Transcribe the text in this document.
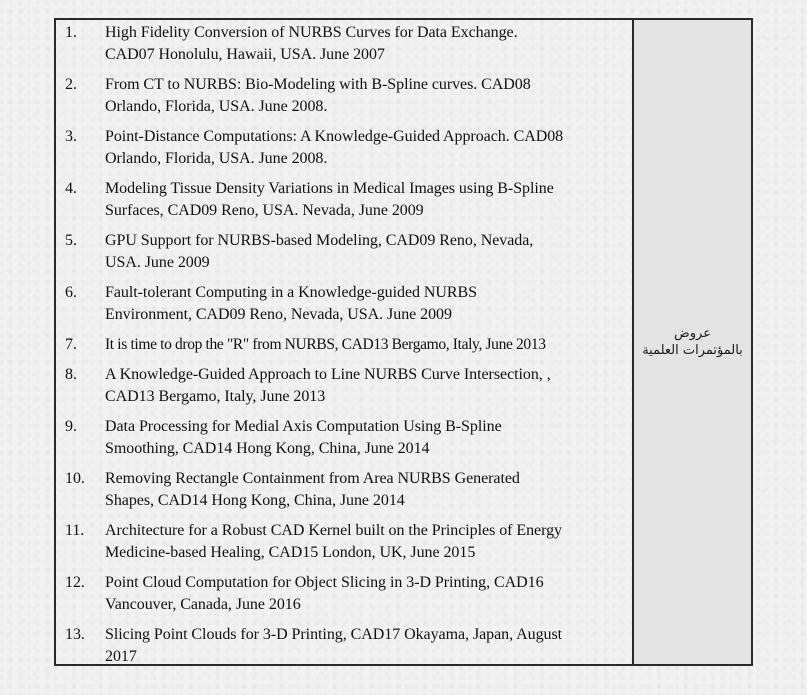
1.	High Fidelity Conversion of NURBS Curves for Data Exchange.
CAD07 Honolulu, Hawaii, USA. June 2007
2.	From CT to NURBS: Bio-Modeling with B-Spline curves. CAD08
Orlando, Florida, USA. June 2008.
3.	Point-Distance Computations: A Knowledge-Guided Approach. CAD08
Orlando, Florida, USA. June 2008.
4.	Modeling Tissue Density Variations in Medical Images using B-Spline
Surfaces, CAD09 Reno, USA. Nevada, June 2009
5.	GPU Support for NURBS-based Modeling, CAD09 Reno, Nevada,
USA. June 2009
6.	Fault-tolerant Computing in a Knowledge-guided NURBS
Environment, CAD09 Reno, Nevada, USA. June 2009
7.	It is time to drop the "R" from NURBS, CAD13 Bergamo, Italy, June 2013
8.	A Knowledge-Guided Approach to Line NURBS Curve Intersection, ,
CAD13 Bergamo, Italy, June 2013
9.	Data Processing for Medial Axis Computation Using B-Spline
Smoothing, CAD14 Hong Kong, China, June 2014
10.	Removing Rectangle Containment from Area NURBS Generated
Shapes, CAD14 Hong Kong, China, June 2014
11.	Architecture for a Robust CAD Kernel built on the Principles of Energy
Medicine-based Healing, CAD15 London, UK, June 2015
12.	Point Cloud Computation for Object Slicing in 3-D Printing, CAD16
Vancouver, Canada, June 2016
13.	Slicing Point Clouds for 3-D Printing, CAD17 Okayama, Japan, August
2017
عروض
بالمؤتمرات العلمية
